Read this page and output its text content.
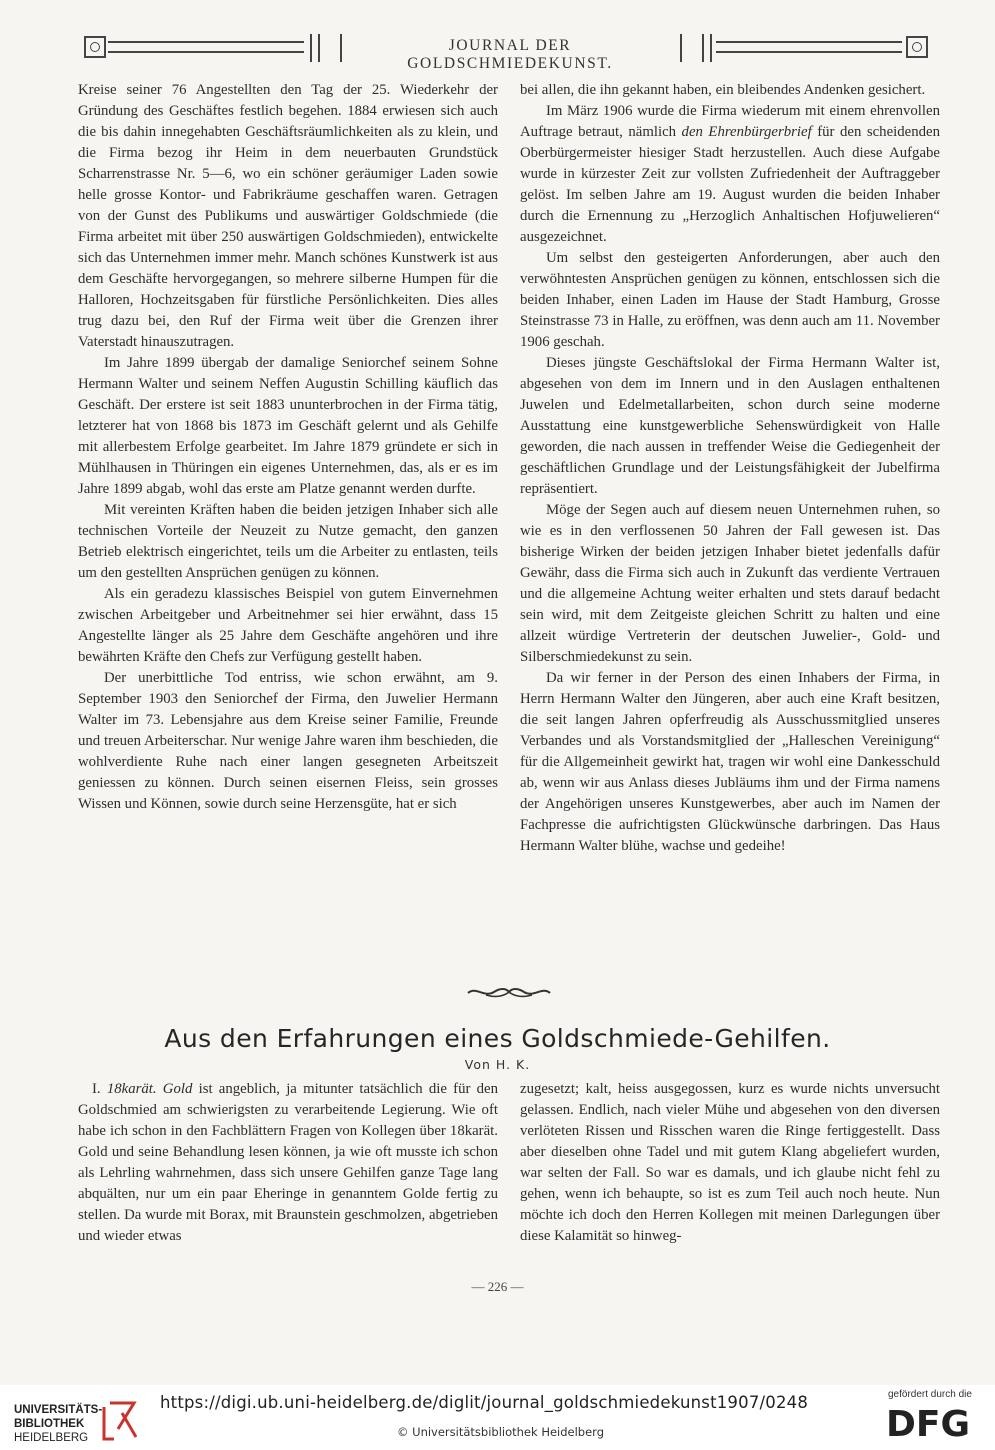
JOURNAL DER GOLDSCHMIEDEKUNST.

Kreise seiner 76 Angestellten den Tag der 25. Wiederkehr der Gründung des Geschäftes festlich begehen. 1884 erwiesen sich auch die bis dahin innegehabten Geschäftsräumlichkeiten als zu klein, und die Firma bezog ihr Heim in dem neuerbauten Grundstück Scharrenstrasse Nr. 5—6, wo ein schöner geräumiger Laden sowie helle grosse Kontor- und Fabrikräume geschaffen waren. Getragen von der Gunst des Publikums und auswärtiger Goldschmiede (die Firma arbeitet mit über 250 auswärtigen Goldschmieden), entwickelte sich das Unternehmen immer mehr. Manch schönes Kunstwerk ist aus dem Geschäfte hervorgegangen, so mehrere silberne Humpen für die Halloren, Hochzeitsgaben für fürstliche Persönlichkeiten. Dies alles trug dazu bei, den Ruf der Firma weit über die Grenzen ihrer Vaterstadt hinauszutragen.

Im Jahre 1899 übergab der damalige Seniorchef seinem Sohne Hermann Walter und seinem Neffen Augustin Schilling käuflich das Geschäft. Der erstere ist seit 1883 ununterbrochen in der Firma tätig, letzterer hat von 1868 bis 1873 im Geschäft gelernt und als Gehilfe mit allerbestem Erfolge gearbeitet. Im Jahre 1879 gründete er sich in Mühlhausen in Thüringen ein eigenes Unternehmen, das, als er es im Jahre 1899 abgab, wohl das erste am Platze genannt werden durfte.

Mit vereinten Kräften haben die beiden jetzigen Inhaber sich alle technischen Vorteile der Neuzeit zu Nutze gemacht, den ganzen Betrieb elektrisch eingerichtet, teils um die Arbeiter zu entlasten, teils um den gestellten Ansprüchen genügen zu können.

Als ein geradezu klassisches Beispiel von gutem Einvernehmen zwischen Arbeitgeber und Arbeitnehmer sei hier erwähnt, dass 15 Angestellte länger als 25 Jahre dem Geschäfte angehören und ihre bewährten Kräfte den Chefs zur Verfügung gestellt haben.

Der unerbittliche Tod entriss, wie schon erwähnt, am 9. September 1903 den Seniorchef der Firma, den Juwelier Hermann Walter im 73. Lebensjahre aus dem Kreise seiner Familie, Freunde und treuen Arbeiterschar. Nur wenige Jahre waren ihm beschieden, die wohlverdiente Ruhe nach einer langen gesegneten Arbeitszeit geniessen zu können. Durch seinen eisernen Fleiss, sein grosses Wissen und Können, sowie durch seine Herzensgüte, hat er sich

bei allen, die ihn gekannt haben, ein bleibendes Andenken gesichert.

Im März 1906 wurde die Firma wiederum mit einem ehrenvollen Auftrage betraut, nämlich den Ehrenbürgerbrief für den scheidenden Oberbürgermeister hiesiger Stadt herzustellen. Auch diese Aufgabe wurde in kürzester Zeit zur vollsten Zufriedenheit der Auftraggeber gelöst. Im selben Jahre am 19. August wurden die beiden Inhaber durch die Ernennung zu „Herzoglich Anhaltischen Hofjuwelieren“ ausgezeichnet.

Um selbst den gesteigerten Anforderungen, aber auch den verwöhntesten Ansprüchen genügen zu können, entschlossen sich die beiden Inhaber, einen Laden im Hause der Stadt Hamburg, Grosse Steinstrasse 73 in Halle, zu eröffnen, was denn auch am 11. November 1906 geschah.

Dieses jüngste Geschäftslokal der Firma Hermann Walter ist, abgesehen von dem im Innern und in den Auslagen enthaltenen Juwelen und Edelmetallarbeiten, schon durch seine moderne Ausstattung eine kunstgewerbliche Sehenswürdigkeit von Halle geworden, die nach aussen in treffender Weise die Gediegenheit der geschäftlichen Grundlage und der Leistungsfähigkeit der Jubelfirma repräsentiert.

Möge der Segen auch auf diesem neuen Unternehmen ruhen, so wie es in den verflossenen 50 Jahren der Fall gewesen ist. Das bisherige Wirken der beiden jetzigen Inhaber bietet jedenfalls dafür Gewähr, dass die Firma sich auch in Zukunft das verdiente Vertrauen und die allgemeine Achtung weiter erhalten und stets darauf bedacht sein wird, mit dem Zeitgeiste gleichen Schritt zu halten und eine allzeit würdige Vertreterin der deutschen Juwelier-, Gold- und Silberschmiedekunst zu sein.

Da wir ferner in der Person des einen Inhabers der Firma, in Herrn Hermann Walter den Jüngeren, aber auch eine Kraft besitzen, die seit langen Jahren opferfreudig als Ausschussmitglied unseres Verbandes und als Vorstandsmitglied der „Halleschen Vereinigung“ für die Allgemeinheit gewirkt hat, tragen wir wohl eine Dankesschuld ab, wenn wir aus Anlass dieses Jubläums ihm und der Firma namens der Angehörigen unseres Kunstgewerbes, aber auch im Namen der Fachpresse die aufrichtigsten Glückwünsche darbringen. Das Haus Hermann Walter blühe, wachse und gedeihe!

Aus den Erfahrungen eines Goldschmiede-Gehilfen.
Von H. K.

I. 18karät. Gold ist angeblich, ja mitunter tatsächlich die für den Goldschmied am schwierigsten zu verarbeitende Legierung. Wie oft habe ich schon in den Fachblättern Fragen von Kollegen über 18karät. Gold und seine Behandlung lesen können, ja wie oft musste ich schon als Lehrling wahrnehmen, dass sich unsere Gehilfen ganze Tage lang abquälten, nur um ein paar Eheringe in genanntem Golde fertig zu stellen. Da wurde mit Borax, mit Braunstein geschmolzen, abgetrieben und wieder etwas

zugesetzt; kalt, heiss ausgegossen, kurz es wurde nichts unversucht gelassen. Endlich, nach vieler Mühe und abgesehen von den diversen verlöteten Rissen und Risschen waren die Ringe fertiggestellt. Dass aber dieselben ohne Tadel und mit gutem Klang abgeliefert wurden, war selten der Fall. So war es damals, und ich glaube nicht fehl zu gehen, wenn ich behaupte, so ist es zum Teil auch noch heute. Nun möchte ich doch den Herren Kollegen mit meinen Darlegungen über diese Kalamität so hinweg-

— 226 —
UNIVERSITÄTS-
BIBLIOTHEK
HEIDELBERG
https://digi.ub.uni-heidelberg.de/diglit/journal_goldschmiedekunst1907/0248
© Universitätsbibliothek Heidelberg
gefördert durch die
DFG
